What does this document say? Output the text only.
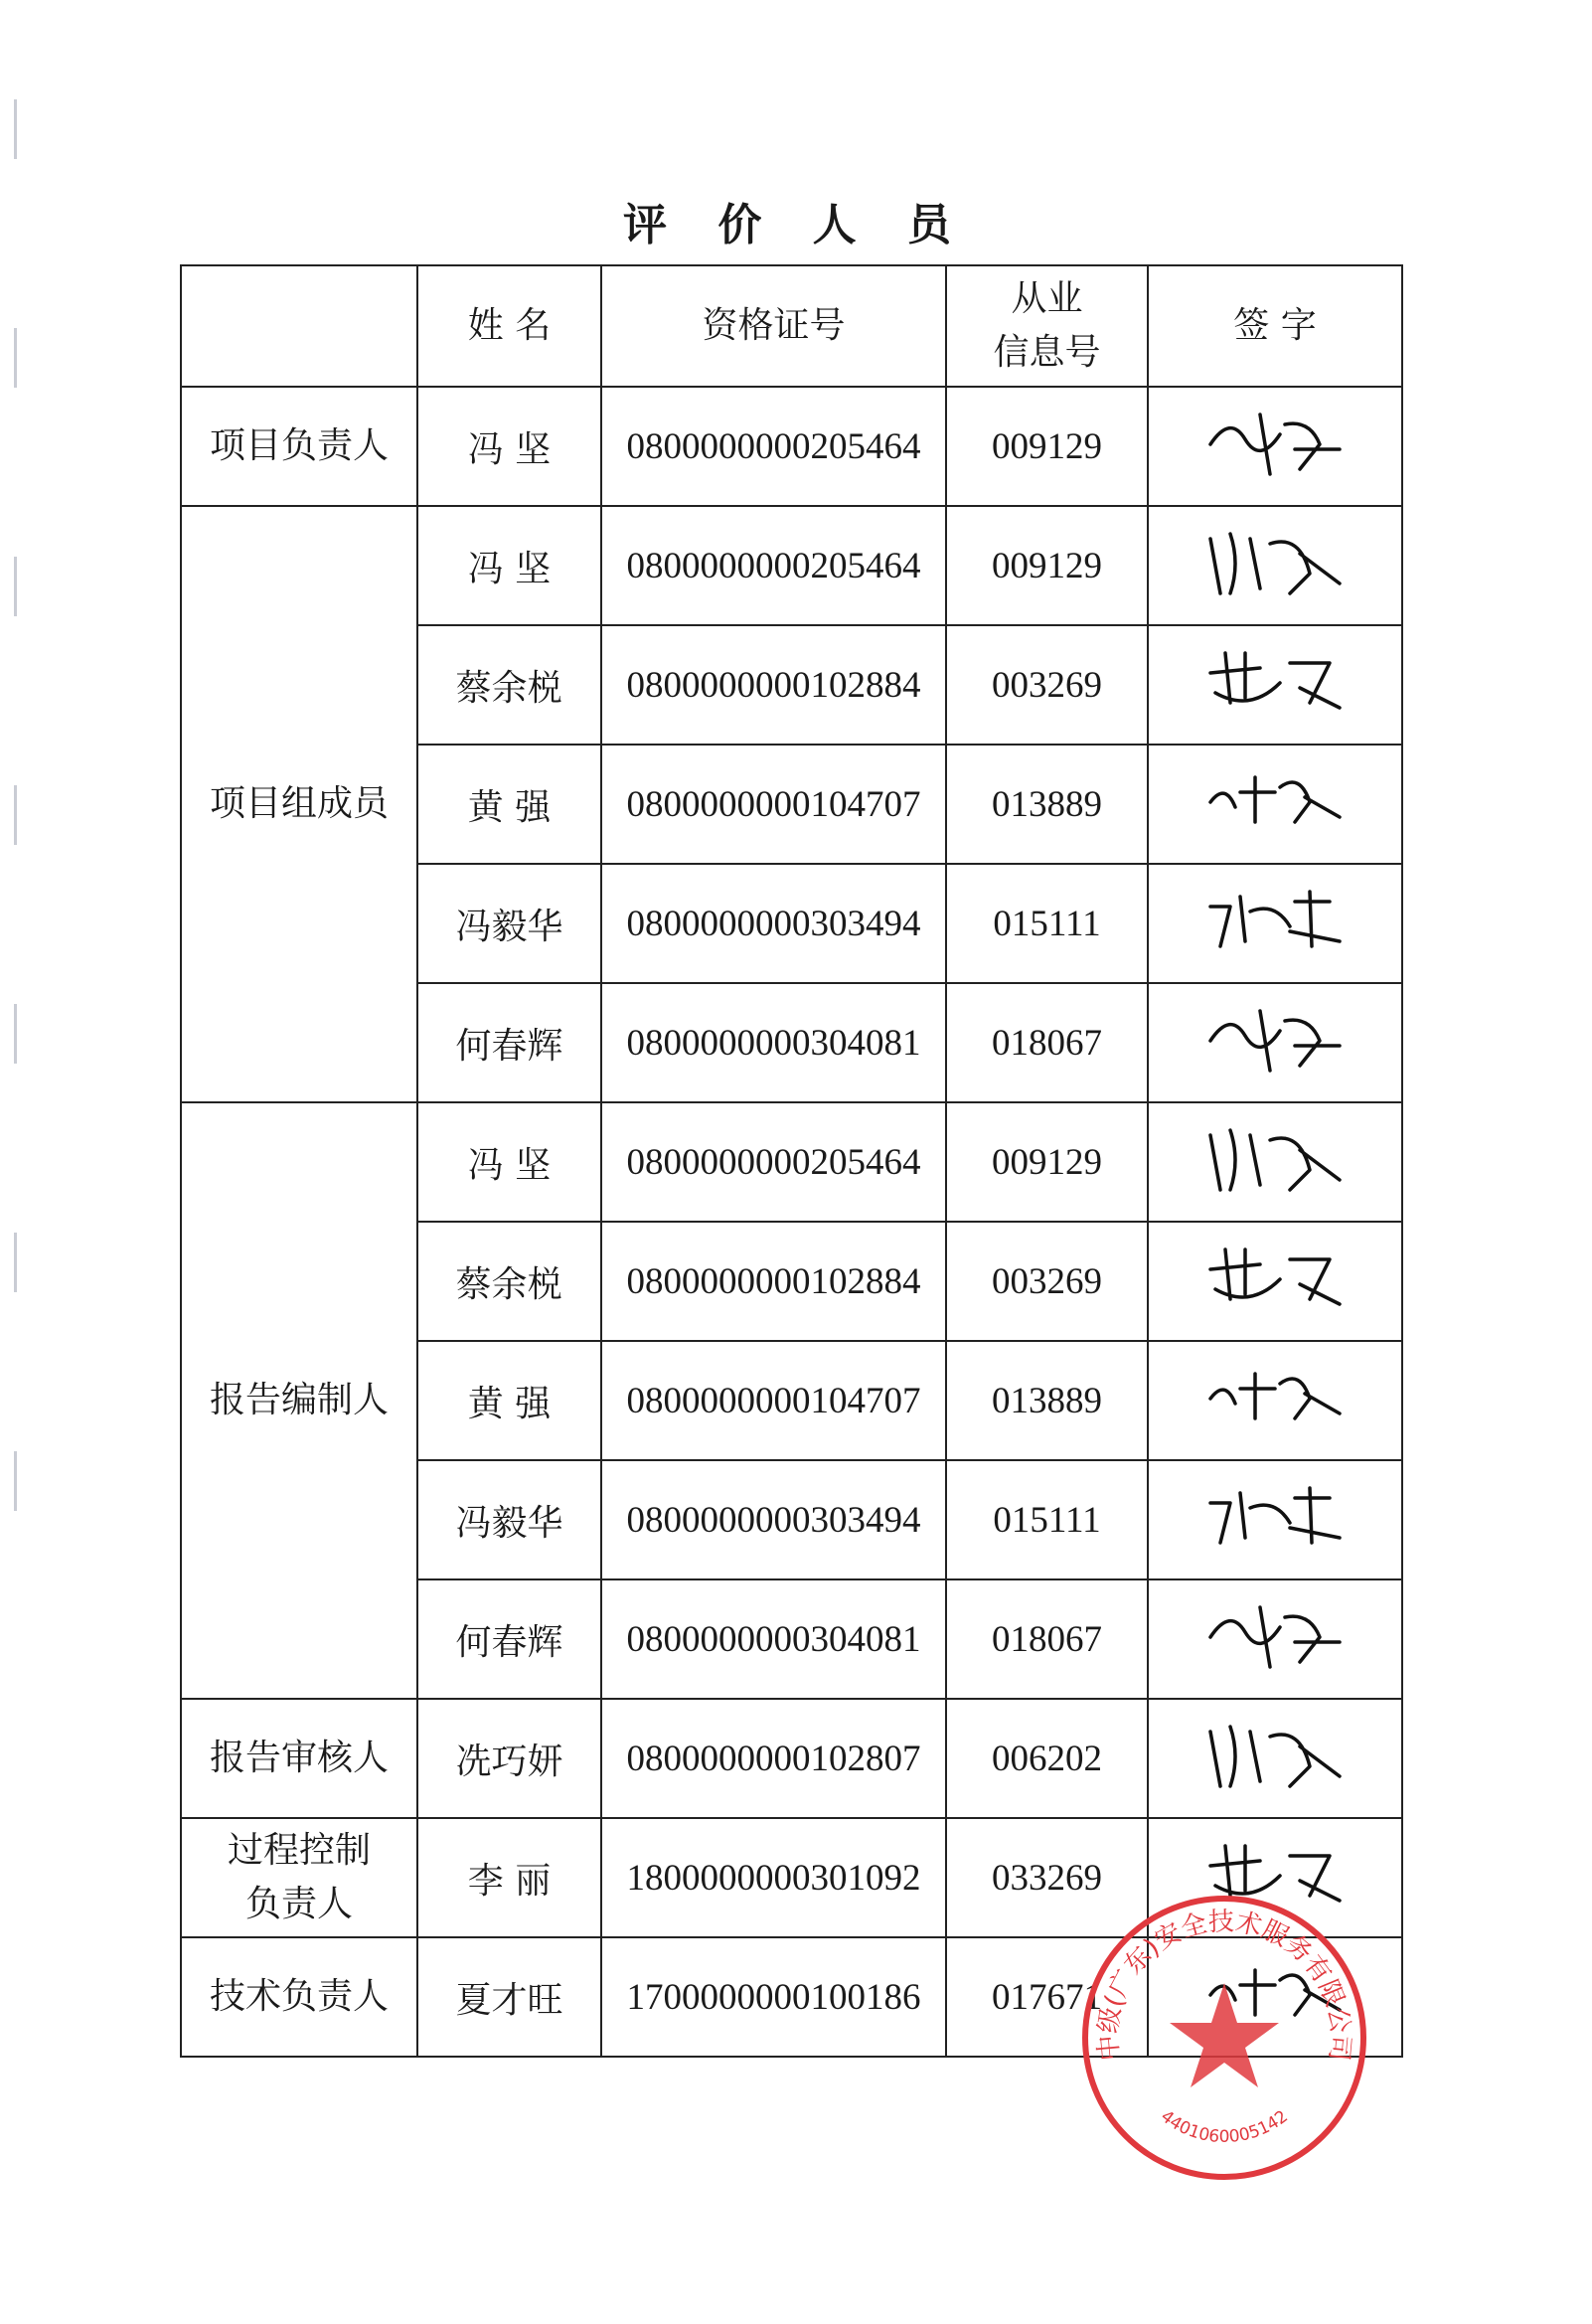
评 价 人 员
	姓 名	资格证号	从业
信息号	签 字

项目负责人	冯 坚	0800000000205464	009129	

项目组成员	冯 坚	0800000000205464	009129	
	蔡余棁	0800000000102884	003269	
	黄 强	0800000000104707	013889	
	冯毅华	0800000000303494	015111	
	何春辉	0800000000304081	018067	

报告编制人	冯 坚	0800000000205464	009129	
	蔡余棁	0800000000102884	003269	
	黄 强	0800000000104707	013889	
	冯毅华	0800000000303494	015111	
	何春辉	0800000000304081	018067	

报告审核人	冼巧妍	0800000000102807	006202	

过程控制
负责人	李 丽	1800000000301092	033269	

技术负责人	夏才旺	1700000000100186	017671	
中级(广东)安全技术服务有限公司
4401060005142
